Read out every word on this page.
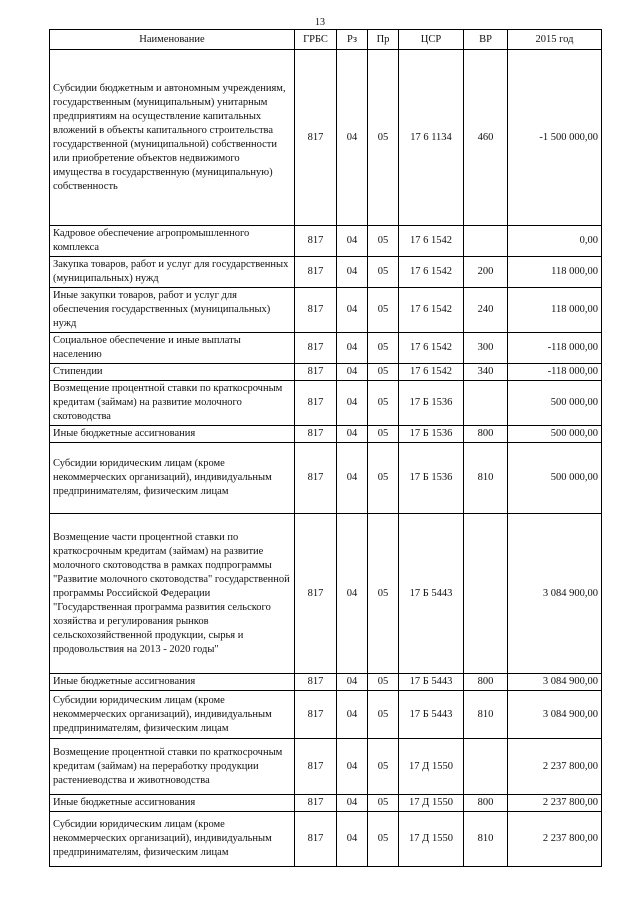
13
Наименование	ГРБС	Рз	Пр	ЦСР	ВР	2015 год
Субсидии бюджетным и автономным учреждениям, государственным (муниципальным) унитарным предприятиям на осуществление капитальных вложений в объекты капитального строительства государственной (муниципальной) собственности или приобретение объектов недвижимого имущества в государственную (муниципальную) собственность	817	04	05	17 6 1134	460	-1 500 000,00
Кадровое обеспечение агропромышленного комплекса	817	04	05	17 6 1542		0,00
Закупка товаров, работ и услуг для государственных (муниципальных) нужд	817	04	05	17 6 1542	200	118 000,00
Иные закупки товаров, работ и услуг для обеспечения государственных (муниципальных) нужд	817	04	05	17 6 1542	240	118 000,00
Социальное обеспечение и иные выплаты населению	817	04	05	17 6 1542	300	-118 000,00
Стипендии	817	04	05	17 6 1542	340	-118 000,00
Возмещение процентной ставки по краткосрочным кредитам (займам) на развитие молочного скотоводства	817	04	05	17 Б 1536		500 000,00
Иные бюджетные ассигнования	817	04	05	17 Б 1536	800	500 000,00
Субсидии юридическим лицам (кроме некоммерческих организаций), индивидуальным предпринимателям, физическим лицам	817	04	05	17 Б 1536	810	500 000,00
Возмещение части процентной ставки по краткосрочным кредитам (займам) на развитие молочного скотоводства в рамках подпрограммы "Развитие молочного скотоводства" государственной программы Российской Федерации "Государственная программа развития сельского хозяйства и регулирования рынков сельскохозяйственной продукции, сырья и продовольствия на 2013 - 2020 годы"	817	04	05	17 Б 5443		3 084 900,00
Иные бюджетные ассигнования	817	04	05	17 Б 5443	800	3 084 900,00
Субсидии юридическим лицам (кроме некоммерческих организаций), индивидуальным предпринимателям, физическим лицам	817	04	05	17 Б 5443	810	3 084 900,00
Возмещение процентной ставки по краткосрочным кредитам (займам) на переработку продукции растениеводства и животноводства	817	04	05	17 Д 1550		2 237 800,00
Иные бюджетные ассигнования	817	04	05	17 Д 1550	800	2 237 800,00
Субсидии юридическим лицам (кроме некоммерческих организаций), индивидуальным предпринимателям, физическим лицам	817	04	05	17 Д 1550	810	2 237 800,00
